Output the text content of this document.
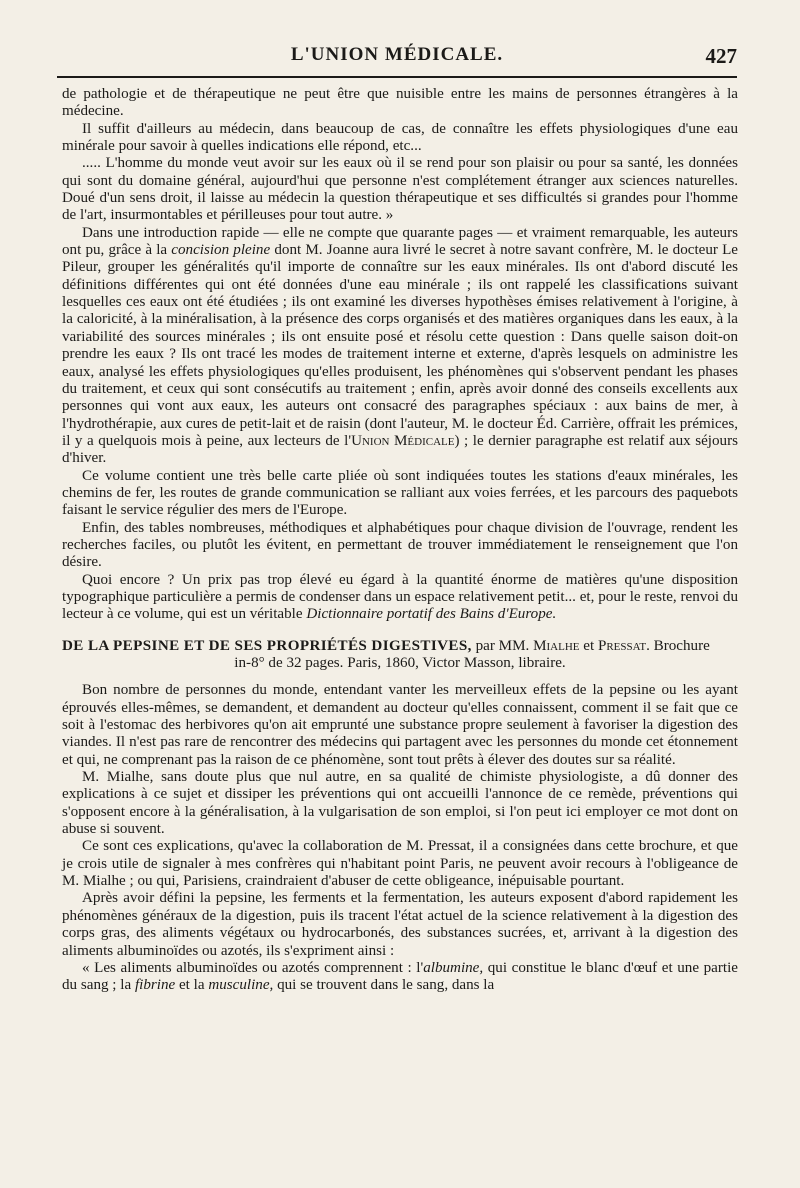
L'UNION MÉDICALE.	427

de pathologie et de thérapeutique ne peut être que nuisible entre les mains de personnes étrangères à la médecine.

Il suffit d'ailleurs au médecin, dans beaucoup de cas, de connaître les effets physiologiques d'une eau minérale pour savoir à quelles indications elle répond, etc...

..... L'homme du monde veut avoir sur les eaux où il se rend pour son plaisir ou pour sa santé, les données qui sont du domaine général, aujourd'hui que personne n'est complétement étranger aux sciences naturelles. Doué d'un sens droit, il laisse au médecin la question thérapeutique et ses difficultés si grandes pour l'homme de l'art, insurmontables et périlleuses pour tout autre. »

Dans une introduction rapide — elle ne compte que quarante pages — et vraiment remarquable, les auteurs ont pu, grâce à la concision pleine dont M. Joanne aura livré le secret à notre savant confrère, M. le docteur Le Pileur, grouper les généralités qu'il importe de connaître sur les eaux minérales. Ils ont d'abord discuté les définitions différentes qui ont été données d'une eau minérale ; ils ont rappelé les classifications suivant lesquelles ces eaux ont été étudiées ; ils ont examiné les diverses hypothèses émises relativement à l'origine, à la caloricité, à la minéralisation, à la présence des corps organisés et des matières organiques dans les eaux, à la variabilité des sources minérales ; ils ont ensuite posé et résolu cette question : Dans quelle saison doit-on prendre les eaux ? Ils ont tracé les modes de traitement interne et externe, d'après lesquels on administre les eaux, analysé les effets physiologiques qu'elles produisent, les phénomènes qui s'observent pendant les phases du traitement, et ceux qui sont consécutifs au traitement ; enfin, après avoir donné des conseils excellents aux personnes qui vont aux eaux, les auteurs ont consacré des paragraphes spéciaux : aux bains de mer, à l'hydrothérapie, aux cures de petit-lait et de raisin (dont l'auteur, M. le docteur Éd. Carrière, offrait les prémices, il y a quelquois mois à peine, aux lecteurs de l'Union Médicale) ; le dernier paragraphe est relatif aux séjours d'hiver.

Ce volume contient une très belle carte pliée où sont indiquées toutes les stations d'eaux minérales, les chemins de fer, les routes de grande communication se ralliant aux voies ferrées, et les parcours des paquebots faisant le service régulier des mers de l'Europe.

Enfin, des tables nombreuses, méthodiques et alphabétiques pour chaque division de l'ouvrage, rendent les recherches faciles, ou plutôt les évitent, en permettant de trouver immédiatement le renseignement que l'on désire.

Quoi encore ? Un prix pas trop élevé eu égard à la quantité énorme de matières qu'une disposition typographique particulière a permis de condenser dans un espace relativement petit... et, pour le reste, renvoi du lecteur à ce volume, qui est un véritable Dictionnaire portatif des Bains d'Europe.

DE LA PEPSINE ET DE SES PROPRIÉTÉS DIGESTIVES, par MM. Mialhe et Pressat. Brochure
in-8° de 32 pages. Paris, 1860, Victor Masson, libraire.

Bon nombre de personnes du monde, entendant vanter les merveilleux effets de la pepsine ou les ayant éprouvés elles-mêmes, se demandent, et demandent au docteur qu'elles connaissent, comment il se fait que ce soit à l'estomac des herbivores qu'on ait emprunté une substance propre seulement à favoriser la digestion des viandes. Il n'est pas rare de rencontrer des médecins qui partagent avec les personnes du monde cet étonnement et qui, ne comprenant pas la raison de ce phénomène, sont tout prêts à élever des doutes sur sa réalité.

M. Mialhe, sans doute plus que nul autre, en sa qualité de chimiste physiologiste, a dû donner des explications à ce sujet et dissiper les préventions qui ont accueilli l'annonce de ce remède, préventions qui s'opposent encore à la généralisation, à la vulgarisation de son emploi, si l'on peut ici employer ce mot dont on abuse si souvent.

Ce sont ces explications, qu'avec la collaboration de M. Pressat, il a consignées dans cette brochure, et que je crois utile de signaler à mes confrères qui n'habitant point Paris, ne peuvent avoir recours à l'obligeance de M. Mialhe ; ou qui, Parisiens, craindraient d'abuser de cette obligeance, inépuisable pourtant.

Après avoir défini la pepsine, les ferments et la fermentation, les auteurs exposent d'abord rapidement les phénomènes généraux de la digestion, puis ils tracent l'état actuel de la science relativement à la digestion des corps gras, des aliments végétaux ou hydrocarbonés, des substances sucrées, et, arrivant à la digestion des aliments albuminoïdes ou azotés, ils s'expriment ainsi :

« Les aliments albuminoïdes ou azotés comprennent : l'albumine, qui constitue le blanc d'œuf et une partie du sang ; la fibrine et la musculine, qui se trouvent dans le sang, dans la
